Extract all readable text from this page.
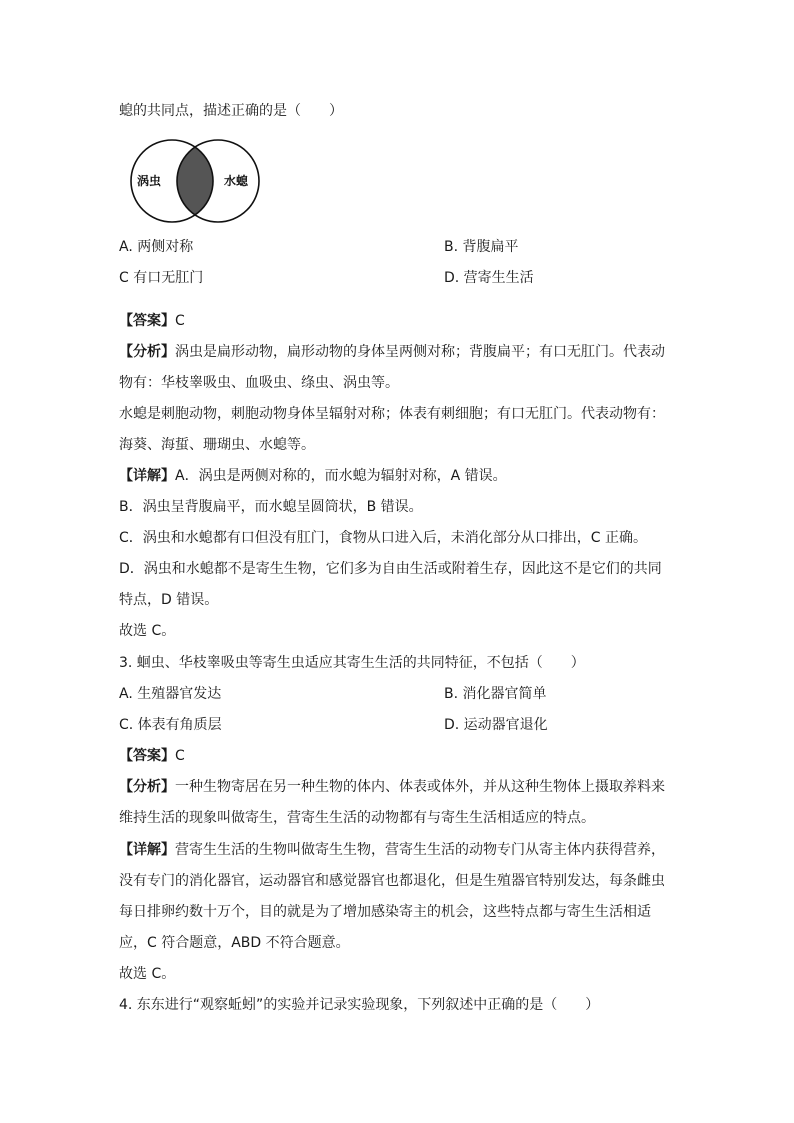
螅的共同点，描述正确的是（　　）
涡虫	水螅
A. 两侧对称	B. 背腹扁平
C 有口无肛门	D. 营寄生生活
【答案】C
【分析】涡虫是扁形动物，扁形动物的身体呈两侧对称；背腹扁平；有口无肛门。代表动
物有：华枝睾吸虫、血吸虫、绦虫、涡虫等。
水螅是刺胞动物，刺胞动物身体呈辐射对称；体表有刺细胞；有口无肛门。代表动物有：
海葵、海蜇、珊瑚虫、水螅等。
【详解】A．涡虫是两侧对称的，而水螅为辐射对称，A 错误。
B．涡虫呈背腹扁平，而水螅呈圆筒状，B 错误。
C．涡虫和水螅都有口但没有肛门，食物从口进入后，未消化部分从口排出，C 正确。
D．涡虫和水螅都不是寄生生物，它们多为自由生活或附着生存，因此这不是它们的共同
特点，D 错误。
故选 C。
3. 蛔虫、华枝睾吸虫等寄生虫适应其寄生生活的共同特征，不包括（　　）
A. 生殖器官发达	B. 消化器官简单
C. 体表有角质层	D. 运动器官退化
【答案】C
【分析】一种生物寄居在另一种生物的体内、体表或体外，并从这种生物体上摄取养料来
维持生活的现象叫做寄生，营寄生生活的动物都有与寄生生活相适应的特点。
【详解】营寄生生活的生物叫做寄生生物，营寄生生活的动物专门从寄主体内获得营养，
没有专门的消化器官，运动器官和感觉器官也都退化，但是生殖器官特别发达，每条雌虫
每日排卵约数十万个，目的就是为了增加感染寄主的机会，这些特点都与寄生生活相适
应，C 符合题意，ABD 不符合题意。
故选 C。
4. 东东进行“观察蚯蚓”的实验并记录实验现象，下列叙述中正确的是（　　）
